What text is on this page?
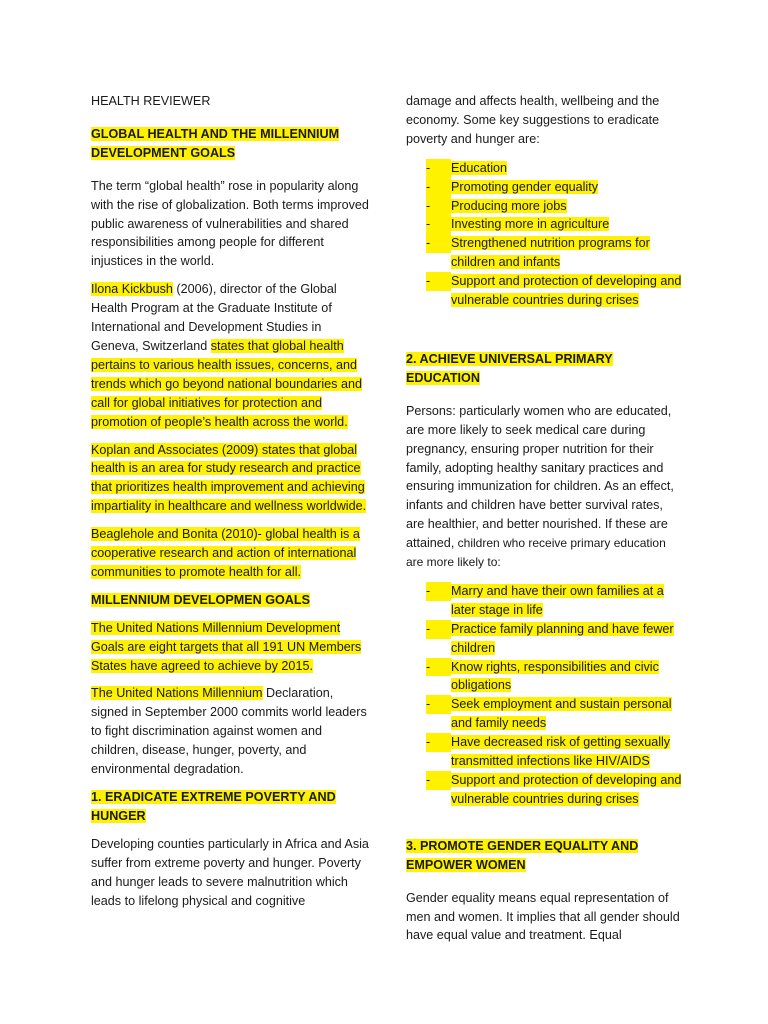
HEALTH REVIEWER

GLOBAL HEALTH AND THE MILLENNIUM DEVELOPMENT GOALS

The term “global health” rose in popularity along with the rise of globalization. Both terms improved public awareness of vulnerabilities and shared responsibilities among people for different injustices in the world.

Ilona Kickbush (2006), director of the Global Health Program at the Graduate Institute of International and Development Studies in Geneva, Switzerland states that global health pertains to various health issues, concerns, and trends which go beyond national boundaries and call for global initiatives for protection and promotion of people’s health across the world.

Koplan and Associates (2009) states that global health is an area for study research and practice that prioritizes health improvement and achieving impartiality in healthcare and wellness worldwide.

Beaglehole and Bonita (2010)- global health is a cooperative research and action of international communities to promote health for all.

MILLENNIUM DEVELOPMEN GOALS

The United Nations Millennium Development Goals are eight targets that all 191 UN Members States have agreed to achieve by 2015.

The United Nations Millennium Declaration, signed in September 2000 commits world leaders to fight discrimination against women and children, disease, hunger, poverty, and environmental degradation.

1. ERADICATE EXTREME POVERTY AND HUNGER

Developing counties particularly in Africa and Asia suffer from extreme poverty and hunger. Poverty and hunger leads to severe malnutrition which leads to lifelong physical and cognitive

damage and affects health, wellbeing and the economy. Some key suggestions to eradicate poverty and hunger are:

-	Education
-	Promoting gender equality
-	Producing more jobs
-	Investing more in agriculture
-	Strengthened nutrition programs for children and infants
-	Support and protection of developing and vulnerable countries during crises

2. ACHIEVE UNIVERSAL PRIMARY EDUCATION

Persons: particularly women who are educated, are more likely to seek medical care during pregnancy, ensuring proper nutrition for their family, adopting healthy sanitary practices and ensuring immunization for children. As an effect, infants and children have better survival rates, are healthier, and better nourished. If these are attained, children who receive primary education are more likely to:

-	Marry and have their own families at a later stage in life
-	Practice family planning and have fewer children
-	Know rights, responsibilities and civic obligations
-	Seek employment and sustain personal and family needs
-	Have decreased risk of getting sexually transmitted infections like HIV/AIDS
-	Support and protection of developing and vulnerable countries during crises

3. PROMOTE GENDER EQUALITY AND EMPOWER WOMEN

Gender equality means equal representation of men and women. It implies that all gender should have equal value and treatment. Equal
